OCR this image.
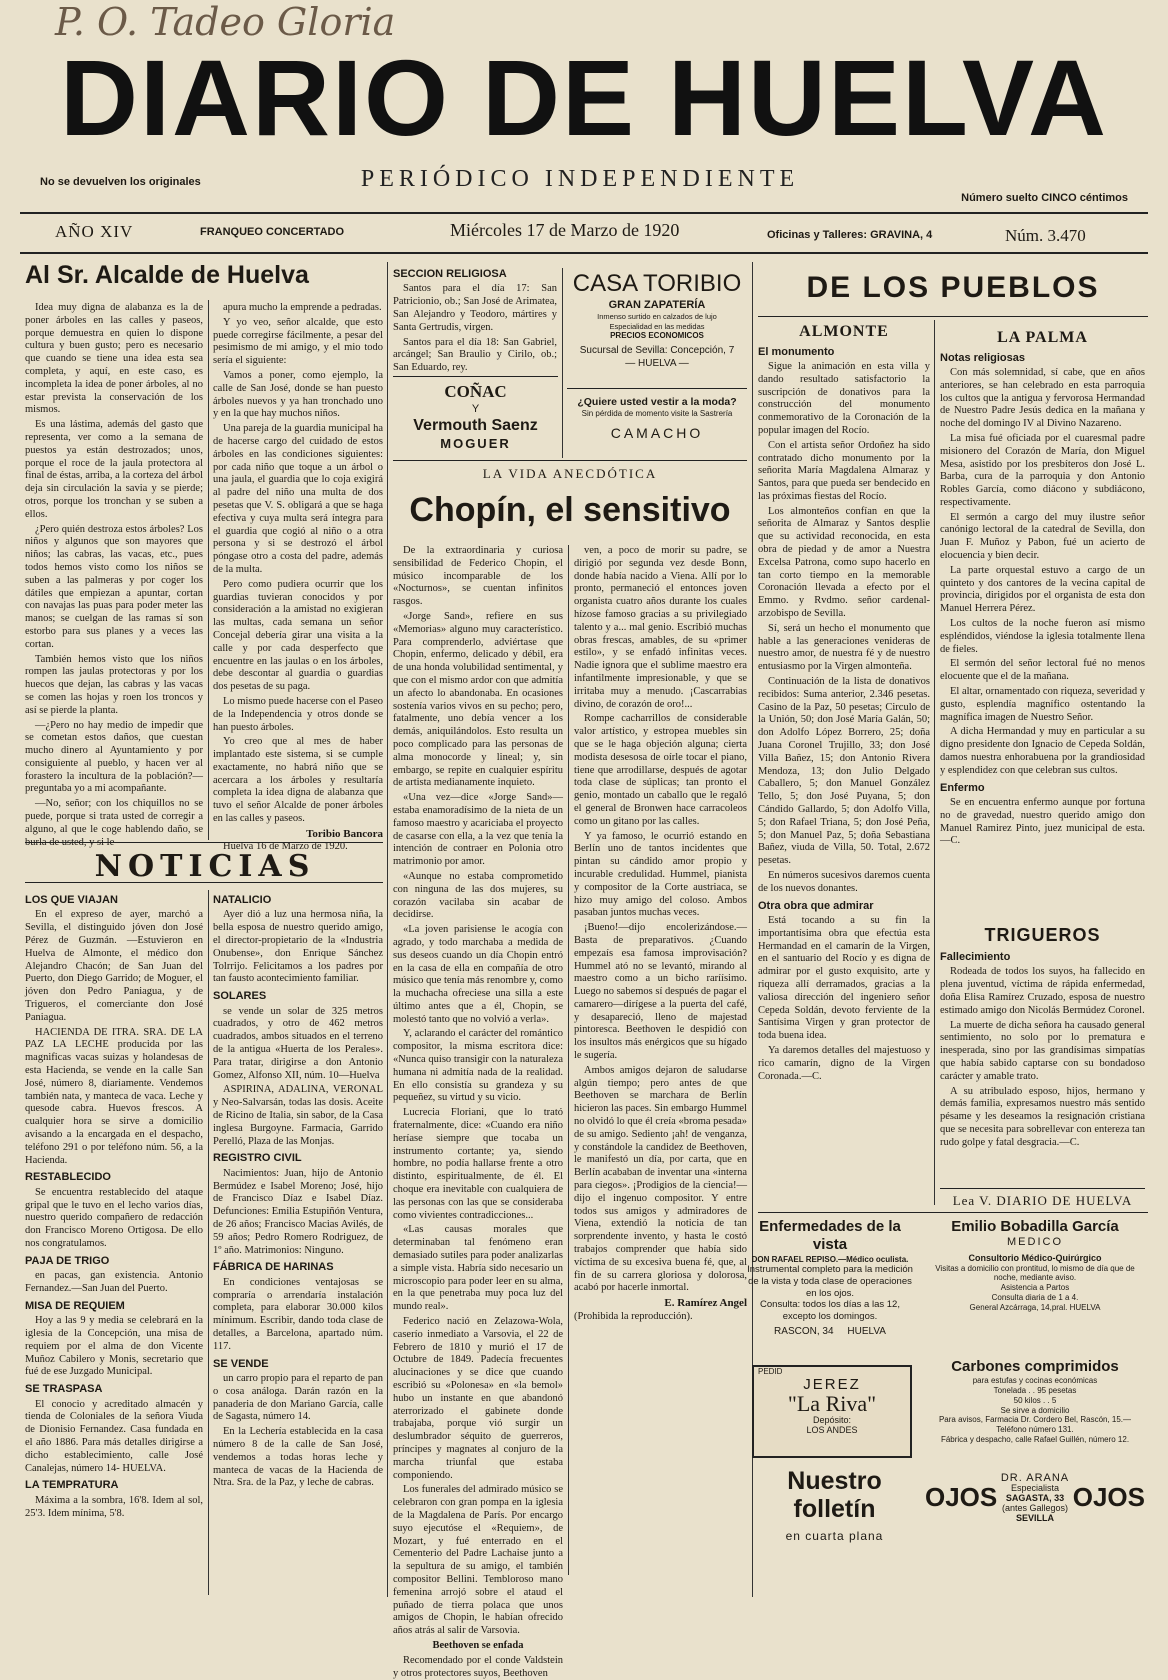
P. O. Tadeo Gloria
DIARIO DE HUELVA
No se devuelven los originales	PERIÓDICO INDEPENDIENTE
Número suelto CINCO céntimos
AÑO XIV	FRANQUEO CONCERTADO	Miércoles 17 de Marzo de 1920	Oficinas y Talleres: GRAVINA, 4	Núm. 3.470
Al Sr. Alcalde de Huelva

Idea muy digna de alabanza es la de poner árboles en las calles y paseos, porque demuestra en quien lo dispone cultura y buen gusto; pero es necesario que cuando se tiene una idea esta sea completa, y aquí, en este caso, es incompleta la idea de poner árboles, al no estar prevista la conservación de los mismos.

Es una lástima, además del gasto que representa, ver como a la semana de puestos ya están destrozados; unos, porque el roce de la jaula protectora al final de éstas, arriba, a la corteza del árbol deja sin circulación la savia y se pierde; otros, porque los tronchan y se suben a ellos.

¿Pero quién destroza estos árboles? Los niños y algunos que son mayores que niños; las cabras, las vacas, etc., pues todos hemos visto como los niños se suben a las palmeras y por coger los dátiles que empiezan a apuntar, cortan con navajas las puas para poder meter las manos; se cuelgan de las ramas sí son estorbo para sus planes y a veces las cortan.

También hemos visto que los niños rompen las jaulas protectoras y por los huecos que dejan, las cabras y las vacas se comen las hojas y roen los troncos y así se pierde la planta.

—¿Pero no hay medio de impedir que se cometan estos daños, que cuestan mucho dinero al Ayuntamiento y por consiguiente al pueblo, y hacen ver al forastero la incultura de la población?—preguntaba yo a mi acompañante.

—No, señor; con los chiquillos no se puede, porque si trata usted de corregir a alguno, al que le coge hablendo daño, se burla de usted, y si le

apura mucho la emprende a pedradas.

Y yo veo, señor alcalde, que esto puede corregirse fácilmente, a pesar del pesimismo de mi amigo, y el mio todo sería el siguiente:

Vamos a poner, como ejemplo, la calle de San José, donde se han puesto árboles nuevos y ya han tronchado uno y en la que hay muchos niños.

Una pareja de la guardia municipal ha de hacerse cargo del cuidado de estos árboles en las condiciones siguientes: por cada niño que toque a un árbol o una jaula, el guardia que lo coja exigirá al padre del niño una multa de dos pesetas que V. S. obligará a que se haga efectiva y cuya multa será íntegra para el guardia que cogió al niño o a otra persona y si se destrozó el árbol póngase otro a costa del padre, además de la multa.

Pero como pudiera ocurrir que los guardias tuvieran conocidos y por consideración a la amistad no exigieran las multas, cada semana un señor Concejal debería girar una visita a la calle y por cada desperfecto que encuentre en las jaulas o en los árboles, debe descontar al guardia o guardias dos pesetas de su paga.

Lo mismo puede hacerse con el Paseo de la Independencia y otros donde se han puesto árboles.

Yo creo que al mes de haber implantado este sistema, si se cumple exactamente, no habrá niño que se acercara a los árboles y resultaría completa la idea digna de alabanza que tuvo el señor Alcalde de poner árboles en las calles y paseos.

Toribio Bancora
Huelva 16 de Marzo de 1920.
NOTICIAS
LOS QUE VIAJAN

En el expreso de ayer, marchó a Sevilla, el distinguido jóven don José Pérez de Guzmán. —Estuvieron en Huelva de Almonte, el médico don Alejandro Chacón; de San Juan del Puerto, don Diego Garrido; de Moguer, el jóven don Pedro Paniagua, y de Trigueros, el comerciante don José Paniagua.

HACIENDA DE ITRA. SRA. DE LA PAZ LA LECHE producida por las magnificas vacas suizas y holandesas de esta Hacienda, se vende en la calle San José, número 8, diariamente. Vendemos también nata, y manteca de vaca. Leche y quesode cabra. Huevos frescos. A cualquier hora se sirve a domicilio avisando a la encargada en el despacho, teléfono 291 o por teléfono núm. 56, a la Hacienda.

RESTABLECIDO

Se encuentra restablecido del ataque gripal que le tuvo en el lecho varios días, nuestro querido compañero de redacción don Francisco Moreno Ortigosa. De ello nos congratulamos.

PAJA DE TRIGO

en pacas, gan existencia. Antonio Fernandez.—San Juan del Puerto.

MISA DE REQUIEM

Hoy a las 9 y media se celebrará en la iglesia de la Concepción, una misa de requiem por el alma de don Vicente Muñoz Cabilero y Monis, secretario que fué de ese Juzgado Municipal.

SE TRASPASA

El conocio y acreditado almacén y tienda de Coloniales de la señora Viuda de Dionisio Fernandez. Casa fundada en el año 1886. Para más detalles dirigirse a dicho establecimiento, calle José Canalejas, número 14- HUELVA.

LA TEMPRATURA

Máxima a la sombra, 16'8. Idem al sol, 25'3. Idem mínima, 5'8.

NATALICIO

Ayer dió a luz una hermosa niña, la bella esposa de nuestro querido amigo, el director-propietario de la «Industria Onubense», don Enrique Sánchez Tolrrijo. Felicitamos a los padres por tan fausto acontecimiento familiar.

SOLARES

se vende un solar de 325 metros cuadrados, y otro de 462 metros cuadrados, ambos situados en el terreno de la antigua «Huerta de los Perales». Para tratar, dirigirse a don Antonio Gomez, Alfonso XII, núm. 10—Huelva

ASPIRINA, ADALINA, VERONAL y Neo-Salvarsán, todas las dosis. Aceite de Ricino de Italia, sin sabor, de la Casa inglesa Burgoyne. Farmacia, Garrido Perelló, Plaza de las Monjas.

REGISTRO CIVIL

Nacimientos: Juan, hijo de Antonio Bermúdez e Isabel Moreno; José, hijo de Francisco Díaz e Isabel Díaz. Defunciones: Emilia Estupiñón Ventura, de 26 años; Francisco Macias Avilés, de 59 años; Pedro Romero Rodriguez, de 1º año. Matrimonios: Ninguno.

FÁBRICA DE HARINAS

En condiciones ventajosas se compraría o arrendaría instalación completa, para elaborar 30.000 kilos mínimum. Escribir, dando toda clase de detalles, a Barcelona, apartado núm. 117.

SE VENDE

un carro propio para el reparto de pan o cosa análoga. Darán razón en la panaderia de don Mariano García, calle de Sagasta, número 14.

En la Lechería establecida en la casa número 8 de la calle de San José, vendemos a todas horas leche y manteca de vacas de la Hacienda de Ntra. Sra. de la Paz, y leche de cabras.

SECCION RELIGIOSA

Santos para el día 17: San Patricionio, ob.; San José de Arimatea, San Alejandro y Teodoro, mártires y Santa Gertrudis, virgen.

Santos para el día 18: San Gabriel, arcángel; San Braulio y Cirilo, ob.; San Eduardo, rey.

COÑAC
Y
Vermouth Saenz
MOGUER
CASA TORIBIO
GRAN ZAPATERÍA
Inmenso surtido en calzados de lujo
Especialidad en las medidas
PRECIOS ECONOMICOS
Sucursal de Sevilla: Concepción, 7
— HUELVA —
¿Quiere usted vestir a la moda?
Sin pérdida de momento visite la Sastrería
CAMACHO
LA VIDA ANECDÓTICA
Chopín, el sensitivo

De la extraordinaria y curiosa sensibilidad de Federico Chopin, el músico incomparable de los «Nocturnos», se cuentan infinitos rasgos.

«Jorge Sand», refiere en sus «Memorias» alguno muy característico. Para comprenderlo, adviértase que Chopin, enfermo, delicado y débil, era de una honda volubilidad sentimental, y que con el mismo ardor con que admitía un afecto lo abandonaba. En ocasiones sostenía varios vivos en su pecho; pero, fatalmente, uno debía vencer a los demás, aniquilándolos. Esto resulta un poco complicado para las personas de alma monocorde y lineal; y, sin embargo, se repite en cualquier espíritu de artista medianamente inquieto.

«Una vez—dice «Jorge Sand»—estaba enamoradísimo de la nieta de un famoso maestro y acariciaba el proyecto de casarse con ella, a la vez que tenía la intención de contraer en Polonia otro matrimonio por amor.

«Aunque no estaba comprometido con ninguna de las dos mujeres, su corazón vacilaba sin acabar de decidirse.

«La joven parisiense le acogía con agrado, y todo marchaba a medida de sus deseos cuando un día Chopin entró en la casa de ella en compañía de otro músico que tenía más renombre y, como la muchacha ofreciese una silla a este último antes que a él, Chopin, se molestó tanto que no volvió a verla».

Y, aclarando el carácter del romántico compositor, la misma escritora dice: «Nunca quiso transigir con la naturaleza humana ni admitía nada de la realidad. En ello consistía su grandeza y su pequeñez, su virtud y su vicio.

Lucrecia Floriani, que lo trató fraternalmente, dice: «Cuando era niño heríase siempre que tocaba un instrumento cortante; ya, siendo hombre, no podía hallarse frente a otro distinto, espiritualmente, de él. El choque era inevitable con cualquiera de las personas con las que se consideraba como vivientes contradicciones...

«Las causas morales que determinaban tal fenómeno eran demasiado sutiles para poder analizarlas a simple vista. Habría sido necesario un microscopio para poder leer en su alma, en la que penetraba muy poca luz del mundo real».

Federico nació en Zelazowa-Wola, caserío inmediato a Varsovia, el 22 de Febrero de 1810 y murió el 17 de Octubre de 1849. Padecía frecuentes alucinaciones y se dice que cuando escribió su «Polonesa» en «la bemol» hubo un instante en que abandonó aterrorizado el gabinete donde trabajaba, porque vió surgir un deslumbrador séquito de guerreros, príncipes y magnates al conjuro de la marcha triunfal que estaba componiendo.

Los funerales del admirado músico se celebraron con gran pompa en la iglesia de la Magdalena de París. Por encargo suyo ejecutóse el «Requiem», de Mozart, y fué enterrado en el Cementerio del Padre Lachaise junto a la sepultura de su amigo, el también compositor Bellini. Tembloroso mano femenina arrojó sobre el ataud el puñado de tierra polaca que unos amigos de Chopin, le habían ofrecido años atrás al salir de Varsovia.

Beethoven se enfada

Recomendado por el conde Valdstein y otros protectores suyos, Beethoven

ven, a poco de morir su padre, se dirigió por segunda vez desde Bonn, donde había nacido a Viena. Allí por lo pronto, permaneció el entonces joven organista cuatro años durante los cuales hízose famoso gracias a su privilegiado talento y a... mal genio. Escribió muchas obras frescas, amables, de su «primer estilo», y se enfadó infinitas veces. Nadie ignora que el sublime maestro era infantilmente impresionable, y que se irritaba muy a menudo. ¡Cascarrabias divino, de corazón de oro!...

Rompe cacharrillos de considerable valor artístico, y estropea muebles sin que se le haga objeción alguna; cierta modista desesosa de oírle tocar el piano, tiene que arrodillarse, después de agotar toda clase de súplicas; tan pronto el genio, montado un caballo que le regaló el general de Bronwen hace carracoleos como un gitano por las calles.

Y ya famoso, le ocurrió estando en Berlín uno de tantos incidentes que pintan su cándido amor propio y incurable credulidad. Hummel, pianista y compositor de la Corte austriaca, se hizo muy amigo del coloso. Ambos pasaban juntos muchas veces.

¡Bueno!—dijo encolerizándose.—Basta de preparativos. ¿Cuando empezaís esa famosa improvisación? Hummel ató no se levantó, mirando al maestro como a un bicho raríísimo. Luego no sabemos sí después de pagar el camarero—dirígese a la puerta del café, y desapareció, lleno de majestad pintoresca. Beethoven le despidió con los insultos más enérgicos que su hígado le sugería.

Ambos amigos dejaron de saludarse algún tiempo; pero antes de que Beethoven se marchara de Berlín hicieron las paces. Sin embargo Hummel no olvidó lo que él creía «broma pesada» de su amigo. Sediento ¡ah! de venganza, y constándole la candidez de Beethoven, le manifestó un día, por carta, que en Berlín acababan de inventar una «interna para ciegos». ¡Prodigios de la ciencia!—dijo el ingenuo compositor. Y entre todos sus amigos y admiradores de Viena, extendió la noticia de tan sorprendente invento, y hasta le costó trabajos comprender que había sido víctima de su excesiva buena fé, que, al fin de su carrera gloriosa y dolorosa, acabó por hacerle inmortal.

E. Ramírez Angel
(Prohibida la reproducción).
DE LOS PUEBLOS
ALMONTE
El monumento

Sigue la animación en esta villa y dando resultado satisfactorio la suscripción de donativos para la construcción del monumento conmemorativo de la Coronación de la popular imagen del Rocío.

Con el artista señor Ordoñez ha sido contratado dicho monumento por la señorita María Magdalena Almaraz y Santos, para que pueda ser bendecido en las próximas fiestas del Rocío.

Los almonteños confían en que la señorita de Almaraz y Santos desplie que su actividad reconocida, en esta obra de piedad y de amor a Nuestra Excelsa Patrona, como supo hacerlo en tan corto tiempo en la memorable Coronación llevada a efecto por el Emmo. y Rvdmo. señor cardenal-arzobispo de Sevilla.

Sí, será un hecho el monumento que hable a las generaciones venideras de nuestro amor, de nuestra fé y de nuestro entusiasmo por la Virgen almonteña.

Continuación de la lista de donativos recibidos: Suma anterior, 2.346 pesetas. Casino de la Paz, 50 pesetas; Circulo de la Unión, 50; don José María Galán, 50; don Adolfo López Borrero, 25; doña Juana Coronel Trujillo, 33; don José Villa Bañez, 15; don Antonio Rivera Mendoza, 13; don Julio Delgado Caballero, 5; don Manuel González Tello, 5; don José Puyana, 5; don Cándido Gallardo, 5; don Adolfo Villa, 5; don Rafael Triana, 5; don José Peña, 5; don Manuel Paz, 5; doña Sebastiana Bañez, viuda de Villa, 50. Total, 2.672 pesetas.

En números sucesivos daremos cuenta de los nuevos donantes.

Otra obra que admirar

Está tocando a su fin la importantísima obra que efectúa esta Hermandad en el camarín de la Virgen, en el santuario del Rocío y es digna de admirar por el gusto exquisito, arte y riqueza allí derramados, gracias a la valiosa dirección del ingeniero señor Cepeda Soldán, devoto ferviente de la Santísima Virgen y gran protector de toda buena idea.

Ya daremos detalles del majestuoso y rico camarín, digno de la Virgen Coronada.—C.

LA PALMA
Notas religiosas

Con más solemnidad, sí cabe, que en años anteriores, se han celebrado en esta parroquia los cultos que la antigua y fervorosa Hermandad de Nuestro Padre Jesús dedica en la mañana y noche del domingo IV al Divino Nazareno.

La misa fué oficiada por el cuaresmal padre misionero del Corazón de María, don Miguel Mesa, asistido por los presbíteros don José L. Barba, cura de la parroquia y don Antonio Robles García, como diácono y subdiácono, respectivamente.

El sermón a cargo del muy ilustre señor canónigo lectoral de la catedral de Sevilla, don Juan F. Muñoz y Pabon, fué un acierto de elocuencia y bien decir.

La parte orquestal estuvo a cargo de un quinteto y dos cantores de la vecina capital de provincia, dirigidos por el organista de esta don Manuel Herrera Pérez.

Los cultos de la noche fueron así mismo espléndidos, viéndose la iglesia totalmente llena de fieles.

El sermón del señor lectoral fué no menos elocuente que el de la mañana.

El altar, ornamentado con riqueza, severidad y gusto, esplendía magnífico ostentando la magnífica imagen de Nuestro Señor.

A dicha Hermandad y muy en particular a su digno presidente don Ignacio de Cepeda Soldán, damos nuestra enhorabuena por la grandiosidad y esplendidez con que celebran sus cultos.

Enfermo

Se en encuentra enfermo aunque por fortuna no de gravedad, nuestro querido amigo don Manuel Ramirez Pinto, juez municipal de esta.—C.

TRIGUEROS
Fallecimiento

Rodeada de todos los suyos, ha fallecido en plena juventud, víctima de rápida enfermedad, doña Elisa Ramírez Cruzado, esposa de nuestro estimado amigo don Nicolás Bermúdez Coronel.

La muerte de dicha señora ha causado general sentimiento, no solo por lo prematura e inesperada, sino por las grandísimas simpatías que había sabido captarse con su bondadoso carácter y amable trato.

A su atribulado esposo, hijos, hermano y demás familia, expresamos nuestro más sentido pésame y les deseamos la resignación cristiana que se necesita para sobrellevar con entereza tan rudo golpe y fatal desgracia.—C.

Lea V. DIARIO DE HUELVA
Enfermedades de la vista
DON RAFAEL REPISO.—Médico oculista.
Instrumental completo para la medición de la vista y toda clase de operaciones en los ojos.
Consulta: todos los días a las 12, excepto los domingos.
RASCON, 34 HUELVA
PEDID
JEREZ
"La Riva"
Depósito:
LOS ANDES
Nuestro folletín
en cuarta plana
Emilio Bobadilla García
MEDICO
Consultorio Médico-Quirúrgico
Visitas a domicilio con prontitud, lo mismo de día que de noche, mediante aviso.
Asistencia a Partos
Consulta diaria de 1 a 4.
General Azcárraga, 14,pral. HUELVA
Carbones comprimidos
para estufas y cocinas económicas
Tonelada . . 95 pesetas
50 kilos . . 5
Se sirve a domicilio
Para avisos, Farmacia Dr. Cordero Bel, Rascón, 15.—Teléfono número 131.
Fábrica y despacho, calle Rafael Guillén, número 12.
OJOS
DR. ARANA
Especialista
SAGASTA, 33
(antes Gallegos)
SEVILLA
OJOS
